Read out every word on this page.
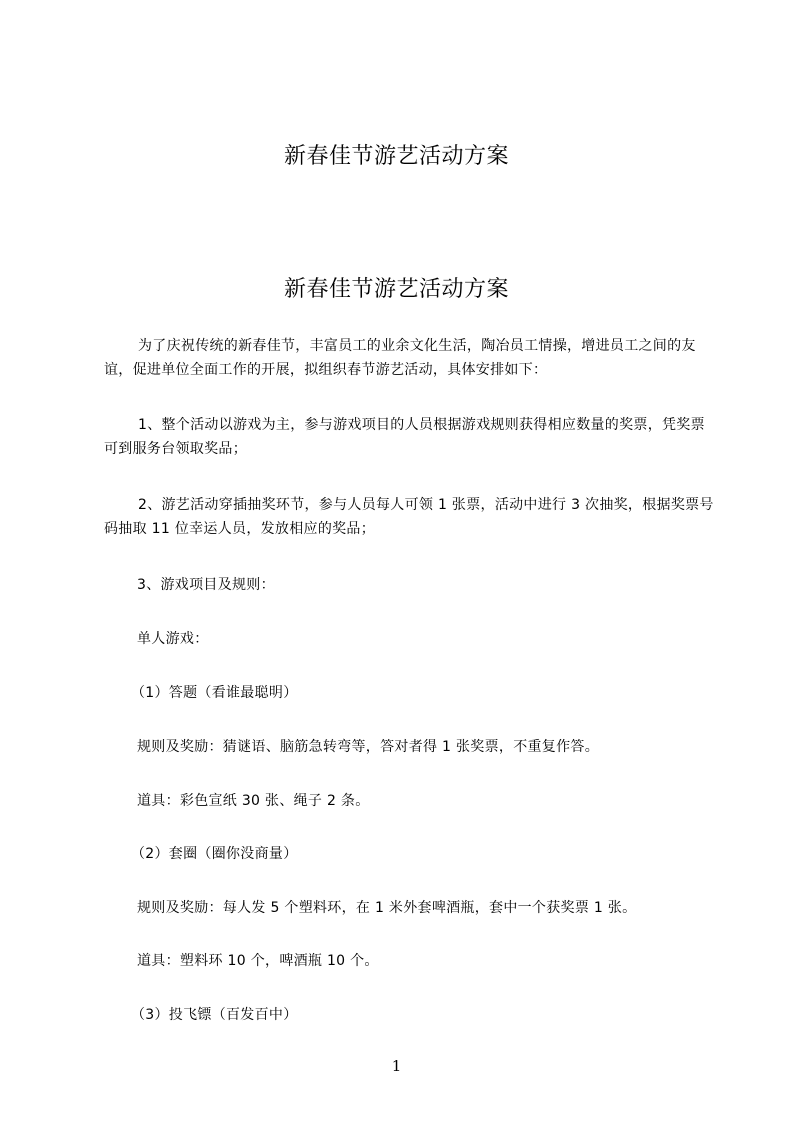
新春佳节游艺活动方案
新春佳节游艺活动方案
为了庆祝传统的新春佳节，丰富员工的业余文化生活，陶冶员工情操，增进员工之间的友谊，促进单位全面工作的开展，拟组织春节游艺活动，具体安排如下：
1、整个活动以游戏为主，参与游戏项目的人员根据游戏规则获得相应数量的奖票，凭奖票可到服务台领取奖品；
2、游艺活动穿插抽奖环节，参与人员每人可领 1 张票，活动中进行 3 次抽奖，根据奖票号码抽取 11 位幸运人员，发放相应的奖品；
3、游戏项目及规则：
单人游戏：
（1）答题（看谁最聪明）
规则及奖励：猜谜语、脑筋急转弯等，答对者得 1 张奖票，不重复作答。
道具：彩色宣纸 30 张、绳子 2 条。
（2）套圈（圈你没商量）
规则及奖励：每人发 5 个塑料环，在 1 米外套啤酒瓶，套中一个获奖票 1 张。
道具：塑料环 10 个，啤酒瓶 10 个。
（3）投飞镖（百发百中）
1
